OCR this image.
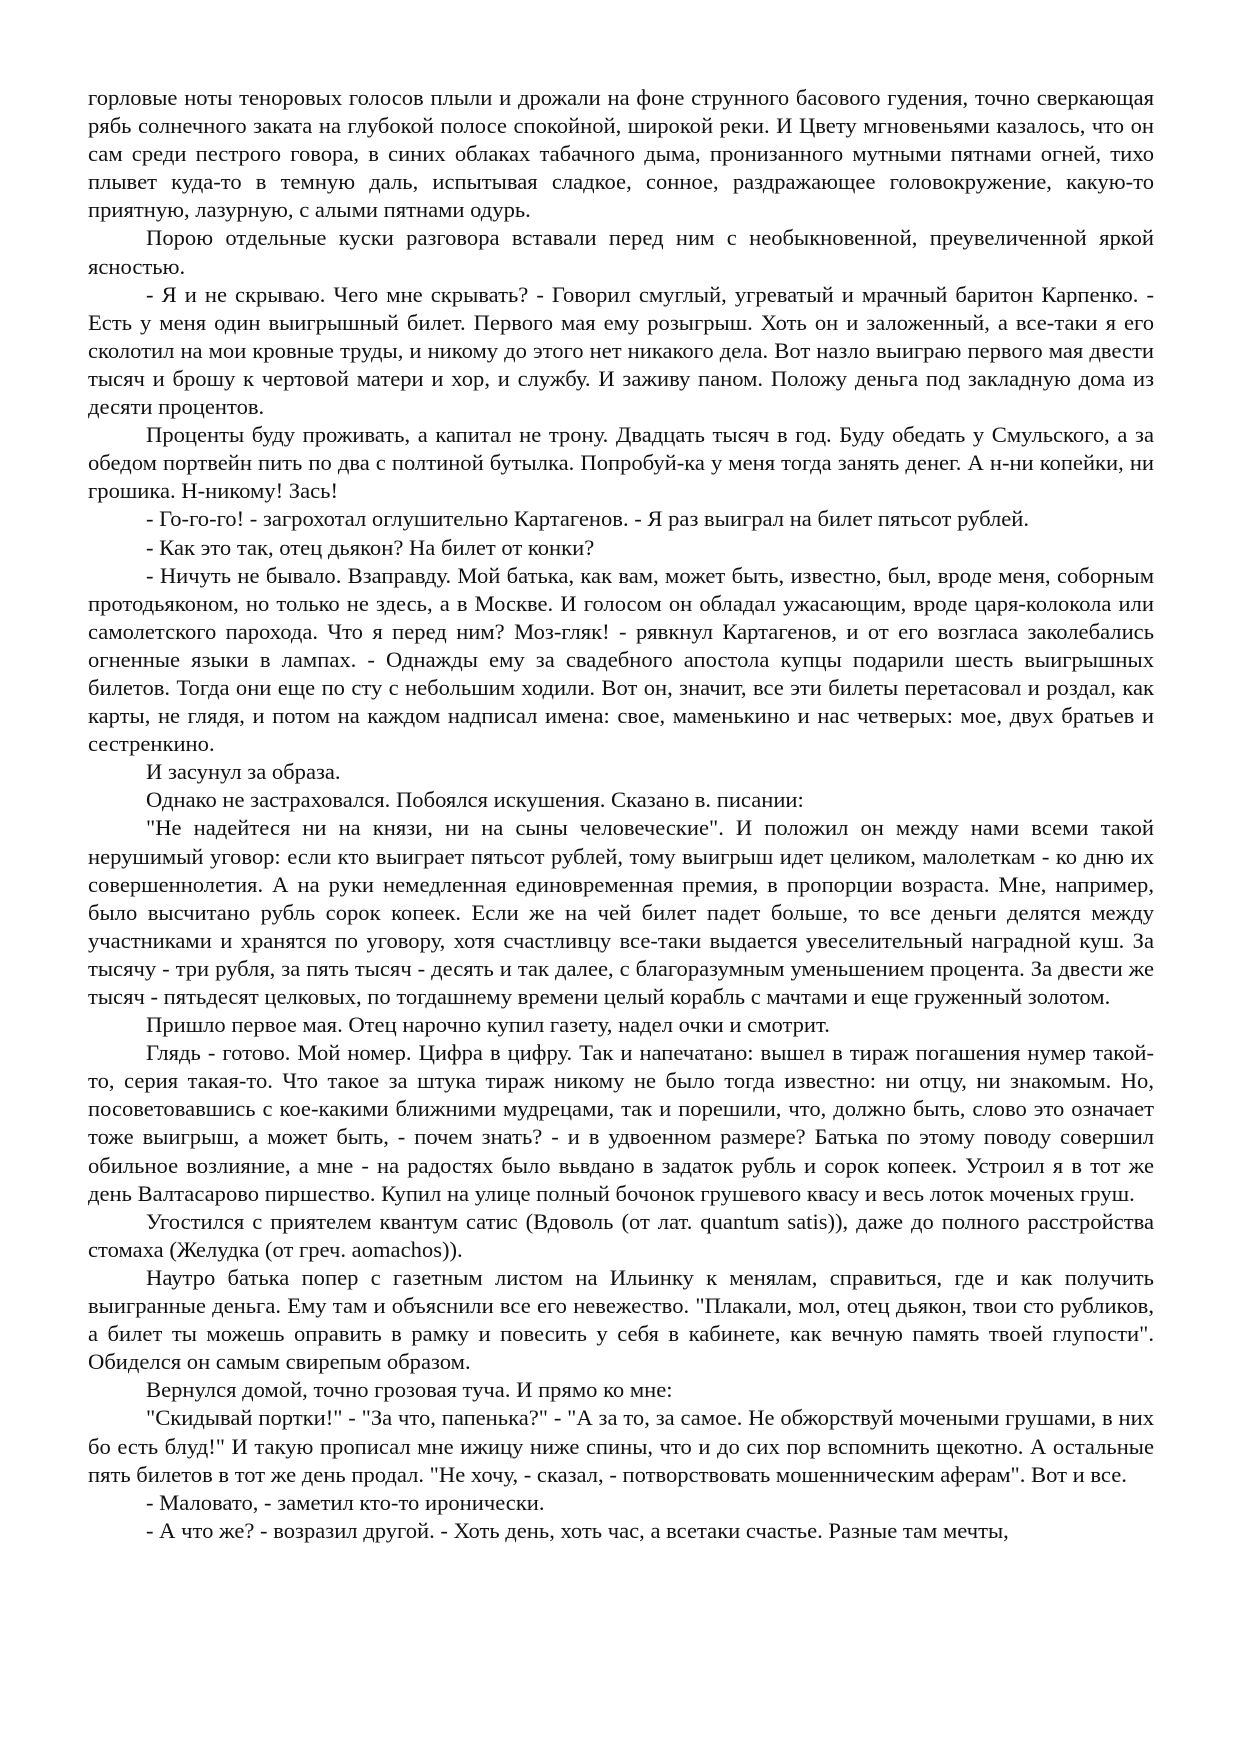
горловые ноты теноровых голосов плыли и дрожали на фоне струнного басового гудения, точно сверкающая рябь солнечного заката на глубокой полосе спокойной, широкой реки. И Цвету мгновеньями казалось, что он сам среди пестрого говора, в синих облаках табачного дыма, пронизанного мутными пятнами огней, тихо плывет куда-то в темную даль, испытывая сладкое, сонное, раздражающее головокружение, какую-то приятную, лазурную, с алыми пятнами одурь.

Порою отдельные куски разговора вставали перед ним с необыкновенной, преувеличенной яркой ясностью.

- Я и не скрываю. Чего мне скрывать? - Говорил смуглый, угреватый и мрачный баритон Карпенко. - Есть у меня один выигрышный билет. Первого мая ему розыгрыш. Хоть он и заложенный, а все-таки я его сколотил на мои кровные труды, и никому до этого нет никакого дела. Вот назло выиграю первого мая двести тысяч и брошу к чертовой матери и хор, и службу. И заживу паном. Положу деньга под закладную дома из десяти процентов.

Проценты буду проживать, а капитал не трону. Двадцать тысяч в год. Буду обедать у Смульского, а за обедом портвейн пить по два с полтиной бутылка. Попробуй-ка у меня тогда занять денег. А н-ни копейки, ни грошика. Н-никому! Зась!

- Го-го-го! - загрохотал оглушительно Картагенов. - Я раз выиграл на билет пятьсот рублей.

- Как это так, отец дьякон? На билет от конки?

- Ничуть не бывало. Взаправду. Мой батька, как вам, может быть, известно, был, вроде меня, соборным протодьяконом, но только не здесь, а в Москве. И голосом он обладал ужасающим, вроде царя-колокола или самолетского парохода. Что я перед ним? Моз-гляк! - рявкнул Картагенов, и от его возгласа заколебались огненные языки в лампах. - Однажды ему за свадебного апостола купцы подарили шесть выигрышных билетов. Тогда они еще по сту с небольшим ходили. Вот он, значит, все эти билеты перетасовал и роздал, как карты, не глядя, и потом на каждом надписал имена: свое, маменькино и нас четверых: мое, двух братьев и сестренкино.

И засунул за образа.

Однако не застраховался. Побоялся искушения. Сказано в. писании:

"Не надейтеся ни на князи, ни на сыны человеческие". И положил он между нами всеми такой нерушимый уговор: если кто выиграет пятьсот рублей, тому выигрыш идет целиком, малолеткам - ко дню их совершеннолетия. А на руки немедленная единовременная премия, в пропорции возраста. Мне, например, было высчитано рубль сорок копеек. Если же на чей билет падет больше, то все деньги делятся между участниками и хранятся по уговору, хотя счастливцу все-таки выдается увеселительный наградной куш. За тысячу - три рубля, за пять тысяч - десять и так далее, с благоразумным уменьшением процента. За двести же тысяч - пятьдесят целковых, по тогдашнему времени целый корабль с мачтами и еще груженный золотом.

Пришло первое мая. Отец нарочно купил газету, надел очки и смотрит.

Глядь - готово. Мой номер. Цифра в цифру. Так и напечатано: вышел в тираж погашения нумер такой-то, серия такая-то. Что такое за штука тираж никому не было тогда известно: ни отцу, ни знакомым. Но, посоветовавшись с кое-какими ближними мудрецами, так и порешили, что, должно быть, слово это означает тоже выигрыш, а может быть, - почем знать? - и в удвоенном размере? Батька по этому поводу совершил обильное возлияние, а мне - на радостях было вьвдано в задаток рубль и сорок копеек. Устроил я в тот же день Валтасарово пиршество. Купил на улице полный бочонок грушевого квасу и весь лоток моченых груш.

Угостился с приятелем квантум сатис (Вдоволь (от лат. quantum satis)), даже до полного расстройства стомаха (Желудка (от греч. aomachos)).

Наутро батька попер с газетным листом на Ильинку к менялам, справиться, где и как получить выигранные деньга. Ему там и объяснили все его невежество. "Плакали, мол, отец дьякон, твои сто рубликов, а билет ты можешь оправить в рамку и повесить у себя в кабинете, как вечную память твоей глупости". Обиделся он самым свирепым образом.

Вернулся домой, точно грозовая туча. И прямо ко мне:

"Скидывай портки!" - "За что, папенька?" - "А за то, за самое. Не обжорствуй мочеными грушами, в них бо есть блуд!" И такую прописал мне ижицу ниже спины, что и до сих пор вспомнить щекотно. А остальные пять билетов в тот же день продал. "Не хочу, - сказал, - потворствовать мошенническим аферам". Вот и все.

- Маловато, - заметил кто-то иронически.

- А что же? - возразил другой. - Хоть день, хоть час, а всетаки счастье. Разные там мечты,
